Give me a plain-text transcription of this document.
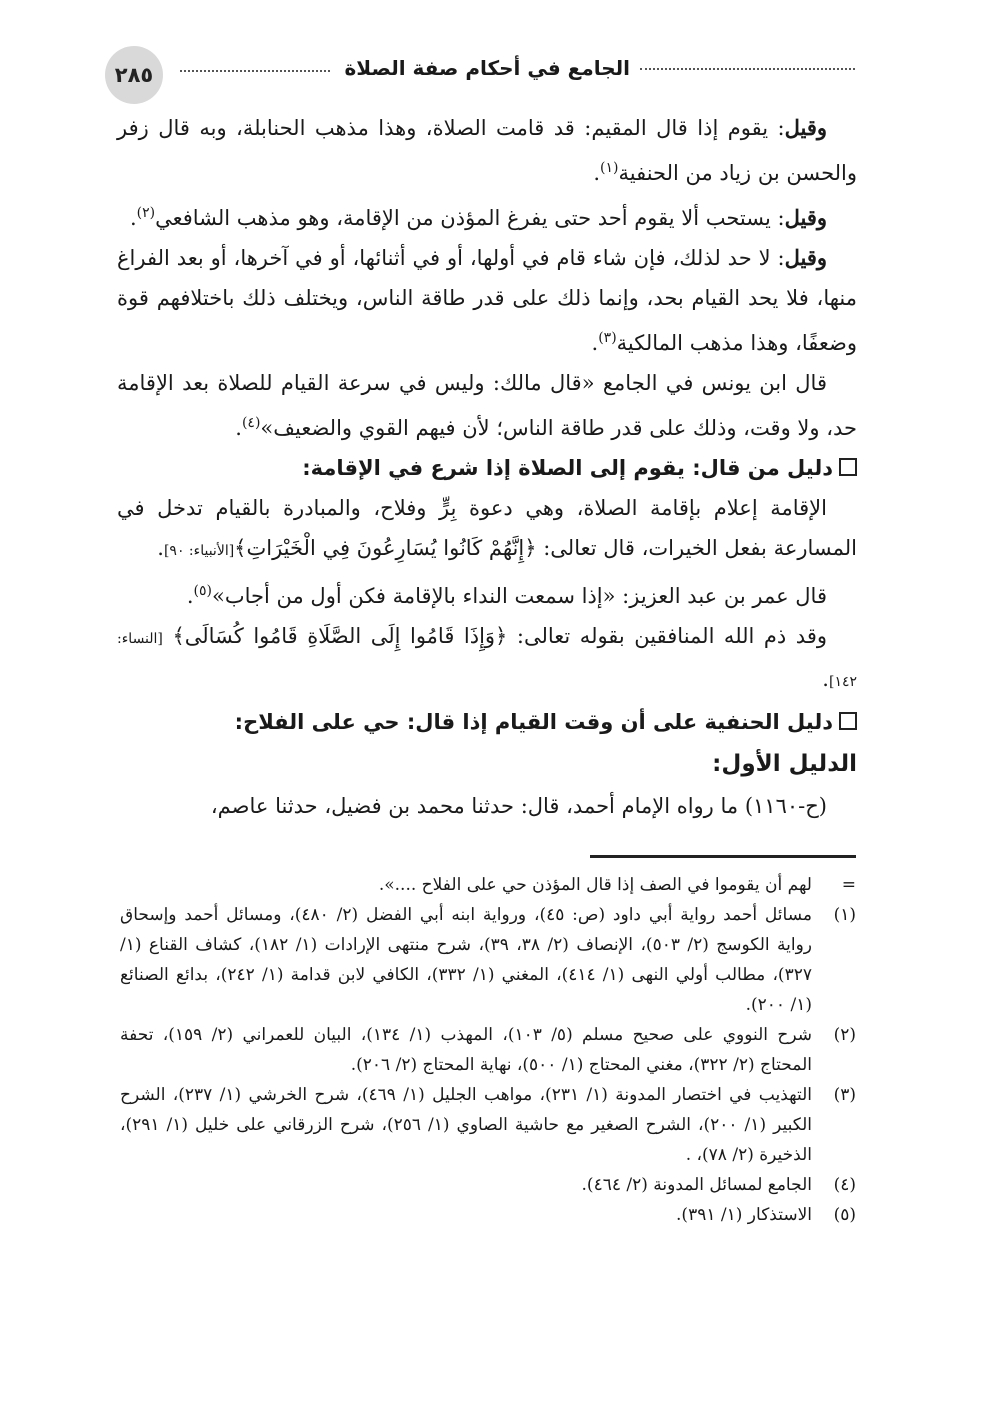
٢٨٥	الجامع في أحكام صفة الصلاة

وقيل: يقوم إذا قال المقيم: قد قامت الصلاة، وهذا مذهب الحنابلة، وبه قال زفر والحسن بن زياد من الحنفية$^{(١)}$.

وقيل: يستحب ألا يقوم أحد حتى يفرغ المؤذن من الإقامة، وهو مذهب الشافعي$^{(٢)}$.

وقيل: لا حد لذلك، فإن شاء قام في أولها، أو في أثنائها، أو في آخرها، أو بعد الفراغ منها، فلا يحد القيام بحد، وإنما ذلك على قدر طاقة الناس، ويختلف ذلك باختلافهم قوة وضعفًا، وهذا مذهب المالكية$^{(٣)}$.

قال ابن يونس في الجامع «قال مالك: وليس في سرعة القيام للصلاة بعد الإقامة حد، ولا وقت، وذلك على قدر طاقة الناس؛ لأن فيهم القوي والضعيف»$^{(٤)}$.

دليل من قال: يقوم إلى الصلاة إذا شرع في الإقامة:

الإقامة إعلام بإقامة الصلاة، وهي دعوة بِرٍّ وفلاح، والمبادرة بالقيام تدخل في المسارعة بفعل الخيرات، قال تعالى: ﴿إِنَّهُمْ كَانُوا يُسَارِعُونَ فِي الْخَيْرَاتِ﴾[الأنبياء: ٩٠].

قال عمر بن عبد العزيز: «إذا سمعت النداء بالإقامة فكن أول من أجاب»$^{(٥)}$.

وقد ذم الله المنافقين بقوله تعالى: ﴿وَإِذَا قَامُوا إِلَى الصَّلَاةِ قَامُوا كُسَالَى﴾ [النساء: ١٤٢].

دليل الحنفية على أن وقت القيام إذا قال: حي على الفلاح:

الدليل الأول:

(ح-١١٦٠) ما رواه الإمام أحمد، قال: حدثنا محمد بن فضيل، حدثنا عاصم،

=
لهم أن يقوموا في الصف إذا قال المؤذن حي على الفلاح ....».
(١)
مسائل أحمد رواية أبي داود (ص: ٤٥)، ورواية ابنه أبي الفضل (٢/ ٤٨٠)، ومسائل أحمد وإسحاق رواية الكوسج (٢/ ٥٠٣)، الإنصاف (٢/ ٣٨، ٣٩)، شرح منتهى الإرادات (١/ ١٨٢)، كشاف القناع (١/ ٣٢٧)، مطالب أولي النهى (١/ ٤١٤)، المغني (١/ ٣٣٢)، الكافي لابن قدامة (١/ ٢٤٢)، بدائع الصنائع (١/ ٢٠٠).
(٢)
شرح النووي على صحيح مسلم (٥/ ١٠٣)، المهذب (١/ ١٣٤)، البيان للعمراني (٢/ ١٥٩)، تحفة المحتاج (٢/ ٣٢٢)، مغني المحتاج (١/ ٥٠٠)، نهاية المحتاج (٢/ ٢٠٦).
(٣)
التهذيب في اختصار المدونة (١/ ٢٣١)، مواهب الجليل (١/ ٤٦٩)، شرح الخرشي (١/ ٢٣٧)، الشرح الكبير (١/ ٢٠٠)، الشرح الصغير مع حاشية الصاوي (١/ ٢٥٦)، شرح الزرقاني على خليل (١/ ٢٩١)، الذخيرة (٢/ ٧٨)، .
(٤)
الجامع لمسائل المدونة (٢/ ٤٦٤).
(٥)
الاستذكار (١/ ٣٩١).
